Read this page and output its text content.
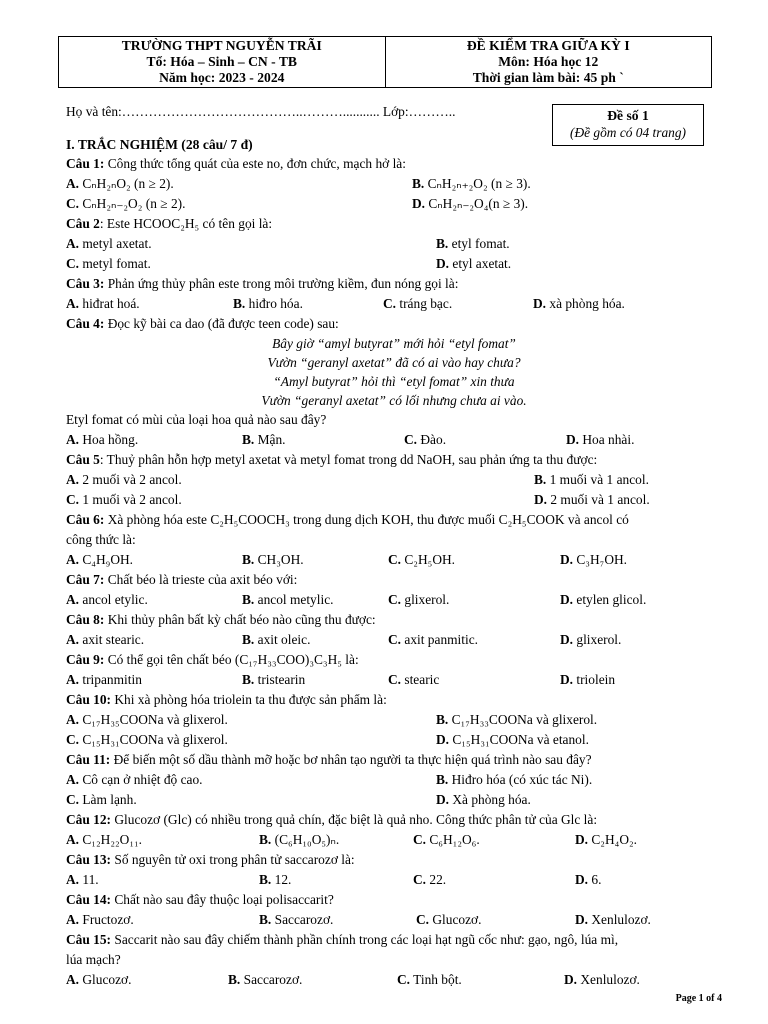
TRƯỜNG THPT NGUYỄN TRÃI
Tổ: Hóa – Sinh – CN - TB
Năm học: 2023 - 2024
ĐỀ KIỂM TRA GIỮA KỲ I
Môn: Hóa học 12
Thời gian làm bài: 45 ph `
Họ và tên:…………………………………..………........... Lớp:………..	Đề số 1
(Đề gồm có 04 trang)
I. TRẮC NGHIỆM (28 câu/ 7 đ)
Câu 1: Công thức tổng quát của este no, đơn chức, mạch hở là:
A. CₙH₂ₙO₂ (n ≥ 2).	B. CₙH₂ₙ₊₂O₂ (n ≥ 3).
C. CₙH₂ₙ₋₂O₂ (n ≥ 2).	D. CₙH₂ₙ₋₂O₄(n ≥ 3).
Câu 2: Este HCOOC₂H₅ có tên gọi là:
A. metyl axetat.	B. etyl fomat.
C. metyl fomat.	D. etyl axetat.
Câu 3: Phản ứng thủy phân este trong môi trường kiềm, đun nóng gọi là:
A. hiđrat hoá.	B. hiđro hóa.	C. tráng bạc.	D. xà phòng hóa.
Câu 4: Đọc kỹ bài ca dao (đã được teen code) sau:
Bây giờ “amyl butyrat” mới hỏi “etyl fomat”
Vườn “geranyl axetat” đã có ai vào hay chưa?
“Amyl butyrat” hỏi thì “etyl fomat” xin thưa
Vườn “geranyl axetat” có lối nhưng chưa ai vào.
Etyl fomat có mùi của loại hoa quả nào sau đây?
A. Hoa hồng.	B. Mận.	C. Đào.	D. Hoa nhài.
Câu 5: Thuỷ phân hỗn hợp metyl axetat và metyl fomat trong dd NaOH, sau phản ứng ta thu được:
A. 2 muối và 2 ancol.	B. 1 muối và 1 ancol.
C. 1 muối và 2 ancol.	D. 2 muối và 1 ancol.
Câu 6: Xà phòng hóa este C₂H₅COOCH₃ trong dung dịch KOH, thu được muối C₂H₅COOK và ancol có
công thức là:
A. C₄H₉OH.	B. CH₃OH.	C. C₂H₅OH.	D. C₃H₇OH.
Câu 7: Chất béo là trieste của axit béo với:
A. ancol etylic.	B. ancol metylic.	C. glixerol.	D. etylen glicol.
Câu 8: Khi thủy phân bất kỳ chất béo nào cũng thu được:
A. axit stearic.	B. axit oleic.	C. axit panmitic.	D. glixerol.
Câu 9: Có thể gọi tên chất béo (C₁₇H₃₃COO)₃C₃H₅ là:
A. tripanmitin	B. tristearin	C. stearic	D. triolein
Câu 10: Khi xà phòng hóa triolein ta thu được sản phẩm là:
A. C₁₇H₃₅COONa và glixerol.	B. C₁₇H₃₃COONa và glixerol.
C. C₁₅H₃₁COONa và glixerol.	D. C₁₅H₃₁COONa và etanol.
Câu 11: Để biến một số dầu thành mỡ hoặc bơ nhân tạo người ta thực hiện quá trình nào sau đây?
A. Cô cạn ở nhiệt độ cao.	B. Hiđro hóa (có xúc tác Ni).
C. Làm lạnh.	D. Xà phòng hóa.
Câu 12: Glucozơ (Glc) có nhiều trong quả chín, đặc biệt là quả nho. Công thức phân tử của Glc là:
A. C₁₂H₂₂O₁₁.	B. (C₆H₁₀O₅)ₙ.	C. C₆H₁₂O₆.	D. C₂H₄O₂.
Câu 13: Số nguyên tử oxi trong phân tử saccarozơ là:
A. 11.	B. 12.	C. 22.	D. 6.
Câu 14: Chất nào sau đây thuộc loại polisaccarit?
A. Fructozơ.	B. Saccarozơ.	C. Glucozơ.	D. Xenlulozơ.
Câu 15: Saccarit nào sau đây chiếm thành phần chính trong các loại hạt ngũ cốc như: gạo, ngô, lúa mì,
lúa mạch?
A. Glucozơ.	B. Saccarozơ.	C. Tinh bột.	D. Xenlulozơ.
Page 1 of 4
